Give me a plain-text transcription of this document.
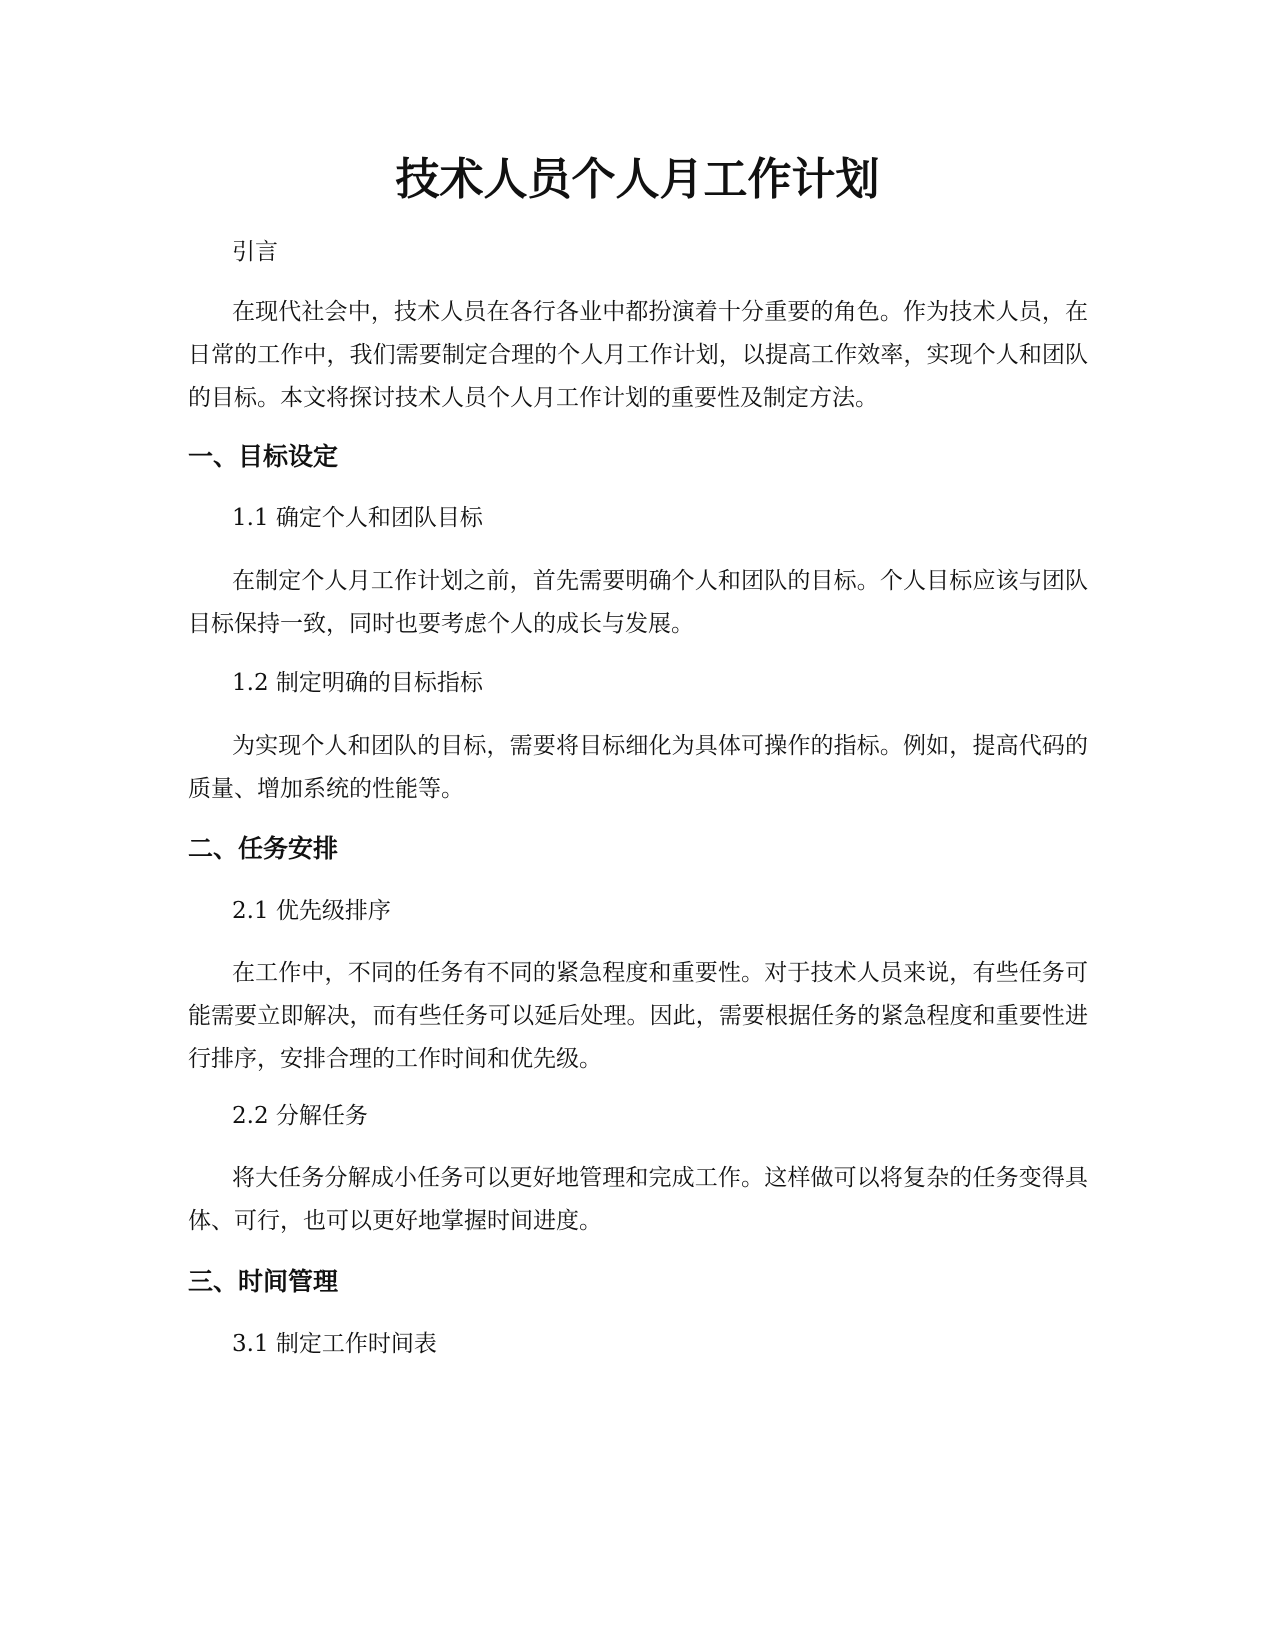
技术人员个人月工作计划

引言

在现代社会中，技术人员在各行各业中都扮演着十分重要的角色。作为技术人员，在日常的工作中，我们需要制定合理的个人月工作计划，以提高工作效率，实现个人和团队的目标。本文将探讨技术人员个人月工作计划的重要性及制定方法。

一、目标设定

1.1 确定个人和团队目标

在制定个人月工作计划之前，首先需要明确个人和团队的目标。个人目标应该与团队目标保持一致，同时也要考虑个人的成长与发展。

1.2 制定明确的目标指标

为实现个人和团队的目标，需要将目标细化为具体可操作的指标。例如，提高代码的质量、增加系统的性能等。

二、任务安排

2.1 优先级排序

在工作中，不同的任务有不同的紧急程度和重要性。对于技术人员来说，有些任务可能需要立即解决，而有些任务可以延后处理。因此，需要根据任务的紧急程度和重要性进行排序，安排合理的工作时间和优先级。

2.2 分解任务

将大任务分解成小任务可以更好地管理和完成工作。这样做可以将复杂的任务变得具体、可行，也可以更好地掌握时间进度。

三、时间管理

3.1 制定工作时间表
